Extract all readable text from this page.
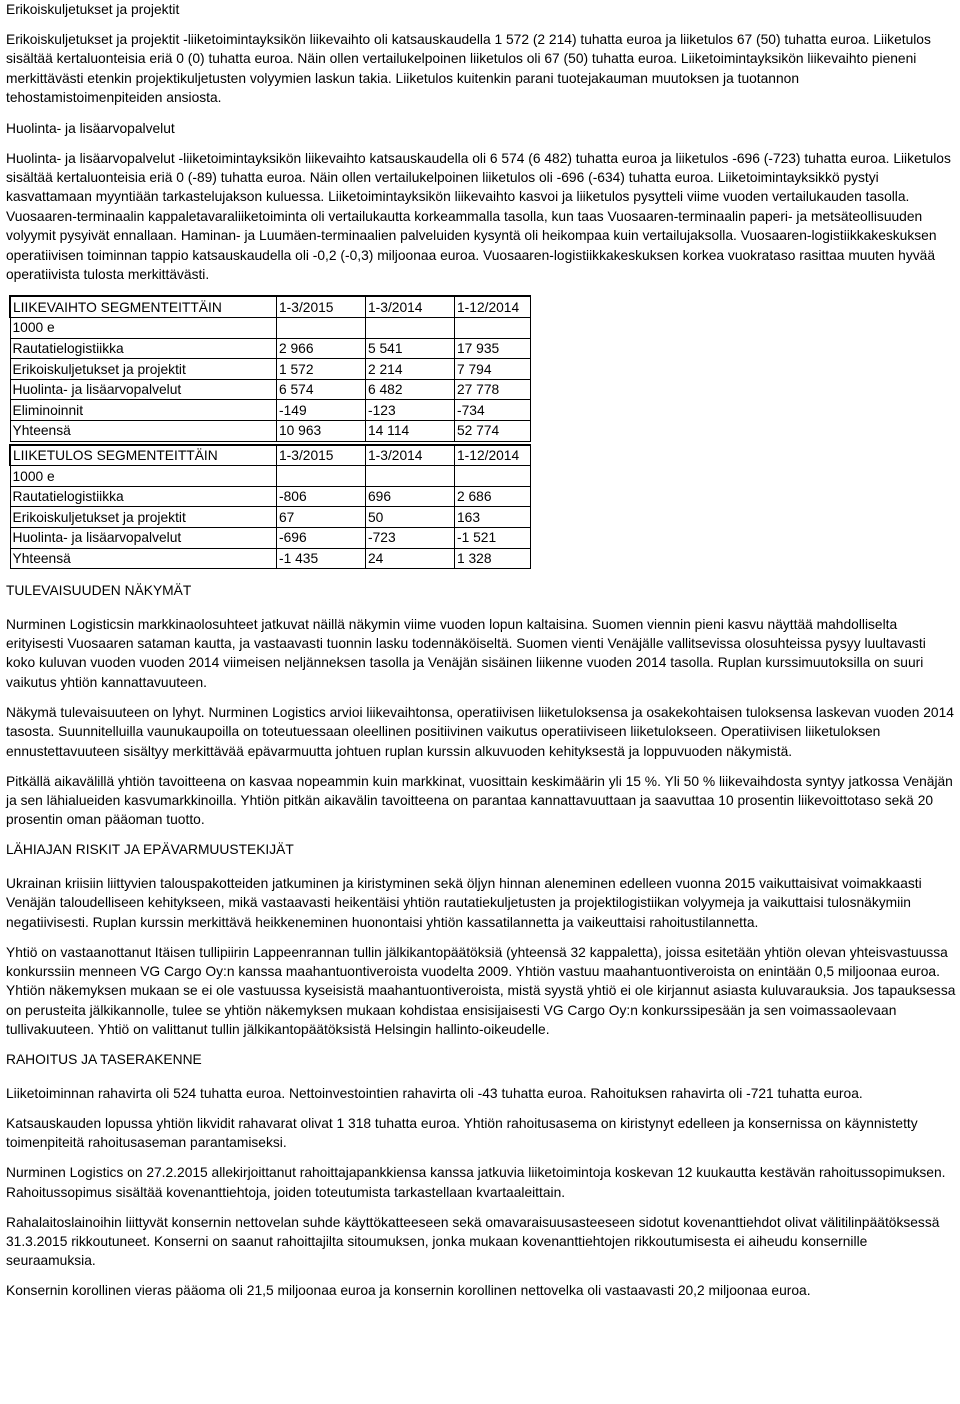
Erikoiskuljetukset ja projektit

Erikoiskuljetukset ja projektit -liiketoimintayksikön liikevaihto oli katsauskaudella 1 572 (2 214) tuhatta euroa ja liiketulos 67 (50) tuhatta euroa. Liiketulos sisältää kertaluonteisia eriä 0 (0) tuhatta euroa. Näin ollen vertailukelpoinen liiketulos oli 67 (50) tuhatta euroa. Liiketoimintayksikön liikevaihto pieneni merkittävästi etenkin projektikuljetusten volyymien laskun takia. Liiketulos kuitenkin parani tuotejakauman muutoksen ja tuotannon tehostamistoimenpiteiden ansiosta.

Huolinta- ja lisäarvopalvelut

Huolinta- ja lisäarvopalvelut -liiketoimintayksikön liikevaihto katsauskaudella oli 6 574 (6 482) tuhatta euroa ja liiketulos -696 (-723) tuhatta euroa. Liiketulos sisältää kertaluonteisia eriä 0 (-89) tuhatta euroa. Näin ollen vertailukelpoinen liiketulos oli -696 (-634) tuhatta euroa. Liiketoimintayksikkö pystyi kasvattamaan myyntiään tarkastelujakson kuluessa. Liiketoimintayksikön liikevaihto kasvoi ja liiketulos pysytteli viime vuoden vertailukauden tasolla. Vuosaaren-terminaalin kappaletavaraliiketoiminta oli vertailukautta korkeammalla tasolla, kun taas Vuosaaren-terminaalin paperi- ja metsäteollisuuden volyymit pysyivät ennallaan. Haminan- ja Luumäen-terminaalien palveluiden kysyntä oli heikompaa kuin vertailujaksolla. Vuosaaren-logistiikkakeskuksen operatiivisen toiminnan tappio katsauskaudella oli -0,2 (-0,3) miljoonaa euroa. Vuosaaren-logistiikkakeskuksen korkea vuokrataso rasittaa muuten hyvää operatiivista tulosta merkittävästi.

LIIKEVAIHTO SEGMENTEITTÄIN	1-3/2015	1-3/2014	1-12/2014
1000 e			
Rautatielogistiikka	2 966	5 541	17 935
Erikoiskuljetukset ja projektit	1 572	2 214	7 794
Huolinta- ja lisäarvopalvelut	6 574	6 482	27 778
Eliminoinnit	-149	-123	-734
Yhteensä	10 963	14 114	52 774
LIIKETULOS SEGMENTEITTÄIN	1-3/2015	1-3/2014	1-12/2014
1000 e			
Rautatielogistiikka	-806	696	2 686
Erikoiskuljetukset ja projektit	67	50	163
Huolinta- ja lisäarvopalvelut	-696	-723	-1 521
Yhteensä	-1 435	24	1 328
TULEVAISUUDEN NÄKYMÄT

Nurminen Logisticsin markkinaolosuhteet jatkuvat näillä näkymin viime vuoden lopun kaltaisina. Suomen viennin pieni kasvu näyttää mahdolliselta erityisesti Vuosaaren sataman kautta, ja vastaavasti tuonnin lasku todennäköiseltä. Suomen vienti Venäjälle vallitsevissa olosuhteissa pysyy luultavasti koko kuluvan vuoden vuoden 2014 viimeisen neljänneksen tasolla ja Venäjän sisäinen liikenne vuoden 2014 tasolla. Ruplan kurssimuutoksilla on suuri vaikutus yhtiön kannattavuuteen.

Näkymä tulevaisuuteen on lyhyt. Nurminen Logistics arvioi liikevaihtonsa, operatiivisen liiketuloksensa ja osakekohtaisen tuloksensa laskevan vuoden 2014 tasosta. Suunnitelluilla vaunukaupoilla on toteutuessaan oleellinen positiivinen vaikutus operatiiviseen liiketulokseen. Operatiivisen liiketuloksen ennustettavuuteen sisältyy merkittävää epävarmuutta johtuen ruplan kurssin alkuvuoden kehityksestä ja loppuvuoden näkymistä.

Pitkällä aikavälillä yhtiön tavoitteena on kasvaa nopeammin kuin markkinat, vuosittain keskimäärin yli 15 %. Yli 50 % liikevaihdosta syntyy jatkossa Venäjän ja sen lähialueiden kasvumarkkinoilla. Yhtiön pitkän aikavälin tavoitteena on parantaa kannattavuuttaan ja saavuttaa 10 prosentin liikevoittotaso sekä 20 prosentin oman pääoman tuotto.

LÄHIAJAN RISKIT JA EPÄVARMUUSTEKIJÄT

Ukrainan kriisiin liittyvien talouspakotteiden jatkuminen ja kiristyminen sekä öljyn hinnan aleneminen edelleen vuonna 2015 vaikuttaisivat voimakkaasti Venäjän taloudelliseen kehitykseen, mikä vastaavasti heikentäisi yhtiön rautatiekuljetusten ja projektilogistiikan volyymeja ja vaikuttaisi tulosnäkymiin negatiivisesti. Ruplan kurssin merkittävä heikkeneminen huonontaisi yhtiön kassatilannetta ja vaikeuttaisi rahoitustilannetta.

Yhtiö on vastaanottanut Itäisen tullipiirin Lappeenrannan tullin jälkikantopäätöksiä (yhteensä 32 kappaletta), joissa esitetään yhtiön olevan yhteisvastuussa konkurssiin menneen VG Cargo Oy:n kanssa maahantuontiveroista vuodelta 2009. Yhtiön vastuu maahantuontiveroista on enintään 0,5 miljoonaa euroa. Yhtiön näkemyksen mukaan se ei ole vastuussa kyseisistä maahantuontiveroista, mistä syystä yhtiö ei ole kirjannut asiasta kuluvarauksia. Jos tapauksessa on perusteita jälkikannolle, tulee se yhtiön näkemyksen mukaan kohdistaa ensisijaisesti VG Cargo Oy:n konkurssipesään ja sen voimassaolevaan tullivakuuteen. Yhtiö on valittanut tullin jälkikantopäätöksistä Helsingin hallinto-oikeudelle.

RAHOITUS JA TASERAKENNE

Liiketoiminnan rahavirta oli 524 tuhatta euroa. Nettoinvestointien rahavirta oli -43 tuhatta euroa. Rahoituksen rahavirta oli -721 tuhatta euroa.

Katsauskauden lopussa yhtiön likvidit rahavarat olivat 1 318 tuhatta euroa. Yhtiön rahoitusasema on kiristynyt edelleen ja konsernissa on käynnistetty toimenpiteitä rahoitusaseman parantamiseksi.

Nurminen Logistics on 27.2.2015 allekirjoittanut rahoittajapankkiensa kanssa jatkuvia liiketoimintoja koskevan 12 kuukautta kestävän rahoitussopimuksen. Rahoitussopimus sisältää kovenanttiehtoja, joiden toteutumista tarkastellaan kvartaaleittain.

Rahalaitoslainoihin liittyvät konsernin nettovelan suhde käyttökatteeseen sekä omavaraisuusasteeseen sidotut kovenanttiehdot olivat välitilinpäätöksessä 31.3.2015 rikkoutuneet. Konserni on saanut rahoittajilta sitoumuksen, jonka mukaan kovenanttiehtojen rikkoutumisesta ei aiheudu konsernille seuraamuksia.

Konsernin korollinen vieras pääoma oli 21,5 miljoonaa euroa ja konsernin korollinen nettovelka oli vastaavasti 20,2 miljoonaa euroa.
